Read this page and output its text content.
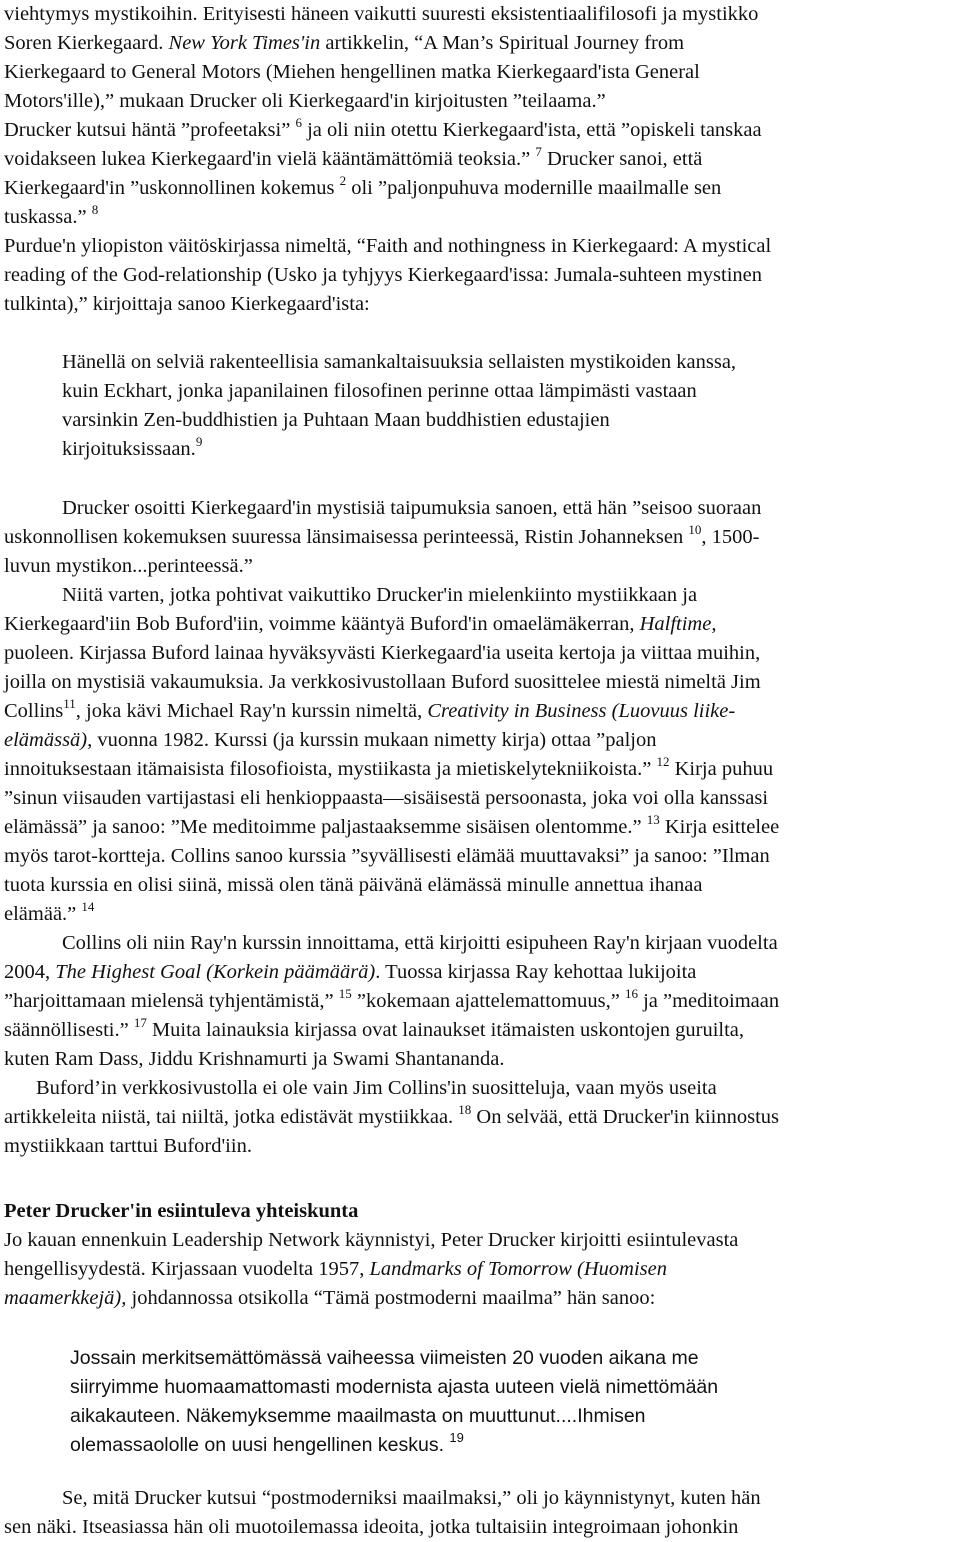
viehtymys mystikoihin. Erityisesti häneen vaikutti suuresti eksistentiaalifilosofi ja mystikko
Soren Kierkegaard. New York Times'in artikkelin, “A Man’s Spiritual Journey from
Kierkegaard to General Motors (Miehen hengellinen matka Kierkegaard'ista General
Motors'ille),” mukaan Drucker oli Kierkegaard'in kirjoitusten ”teilaama.”
Drucker kutsui häntä ”profeetaksi” $^6$ ja oli niin otettu Kierkegaard'ista, että ”opiskeli tanskaa
voidakseen lukea Kierkegaard'in vielä kääntämättömiä teoksia.” $^7$ Drucker sanoi, että
Kierkegaard'in ”uskonnollinen kokemus $^2$ oli ”paljonpuhuva modernille maailmalle sen
tuskassa.” $^8$
Purdue'n yliopiston väitöskirjassa nimeltä, “Faith and nothingness in Kierkegaard: A mystical
reading of the God-relationship (Usko ja tyhjyys Kierkegaard'issa: Jumala-suhteen mystinen
tulkinta),” kirjoittaja sanoo Kierkegaard'ista:
Hänellä on selviä rakenteellisia samankaltaisuuksia sellaisten mystikoiden kanssa,
kuin Eckhart, jonka japanilainen filosofinen perinne ottaa lämpimästi vastaan
varsinkin Zen-buddhistien ja Puhtaan Maan buddhistien edustajien
kirjoituksissaan.$^9$
Drucker osoitti Kierkegaard'in mystisiä taipumuksia sanoen, että hän ”seisoo suoraan
uskonnollisen kokemuksen suuressa länsimaisessa perinteessä, Ristin Johanneksen $^{10}$, 1500-
luvun mystikon...perinteessä.”
Niitä varten, jotka pohtivat vaikuttiko Drucker'in mielenkiinto mystiikkaan ja
Kierkegaard'iin Bob Buford'iin, voimme kääntyä Buford'in omaelämäkerran, Halftime,
puoleen. Kirjassa Buford lainaa hyväksyvästi Kierkegaard'ia useita kertoja ja viittaa muihin,
joilla on mystisiä vakaumuksia. Ja verkkosivustollaan Buford suosittelee miestä nimeltä Jim
Collins$^{11}$, joka kävi Michael Ray'n kurssin nimeltä, Creativity in Business (Luovuus liike-
elämässä), vuonna 1982. Kurssi (ja kurssin mukaan nimetty kirja) ottaa ”paljon
innoituksestaan itämaisista filosofioista, mystiikasta ja mietiskelytekniikoista.” $^{12}$ Kirja puhuu
”sinun viisauden vartijastasi eli henkioppaasta—sisäisestä persoonasta, joka voi olla kanssasi
elämässä” ja sanoo: ”Me meditoimme paljastaaksemme sisäisen olentomme.” $^{13}$ Kirja esittelee
myös tarot-kortteja. Collins sanoo kurssia ”syvällisesti elämää muuttavaksi” ja sanoo: ”Ilman
tuota kurssia en olisi siinä, missä olen tänä päivänä elämässä minulle annettua ihanaa
elämää.” $^{14}$
Collins oli niin Ray'n kurssin innoittama, että kirjoitti esipuheen Ray'n kirjaan vuodelta
2004, The Highest Goal (Korkein päämäärä). Tuossa kirjassa Ray kehottaa lukijoita
”harjoittamaan mielensä tyhjentämistä,” $^{15}$ ”kokemaan ajattelemattomuus,” $^{16}$ ja ”meditoimaan
säännöllisesti.” $^{17}$ Muita lainauksia kirjassa ovat lainaukset itämaisten uskontojen guruilta,
kuten Ram Dass, Jiddu Krishnamurti ja Swami Shantananda.
Buford’in verkkosivustolla ei ole vain Jim Collins'in suositteluja, vaan myös useita
artikkeleita niistä, tai niiltä, jotka edistävät mystiikkaa. $^{18}$ On selvää, että Drucker'in kiinnostus
mystiikkaan tarttui Buford'iin.
Peter Drucker'in esiintuleva yhteiskunta
Jo kauan ennenkuin Leadership Network käynnistyi, Peter Drucker kirjoitti esiintulevasta
hengellisyydestä. Kirjassaan vuodelta 1957, Landmarks of Tomorrow (Huomisen
maamerkkejä), johdannossa otsikolla “Tämä postmoderni maailma” hän sanoo:
Jossain merkitsemättömässä vaiheessa viimeisten 20 vuoden aikana me
siirryimme huomaamattomasti modernista ajasta uuteen vielä nimettömään
aikakauteen. Näkemyksemme maailmasta on muuttunut....Ihmisen
olemassaololle on uusi hengellinen keskus. $^{19}$
Se, mitä Drucker kutsui “postmoderniksi maailmaksi,” oli jo käynnistynyt, kuten hän
sen näki. Itseasiassa hän oli muotoilemassa ideoita, jotka tultaisiin integroimaan johonkin
